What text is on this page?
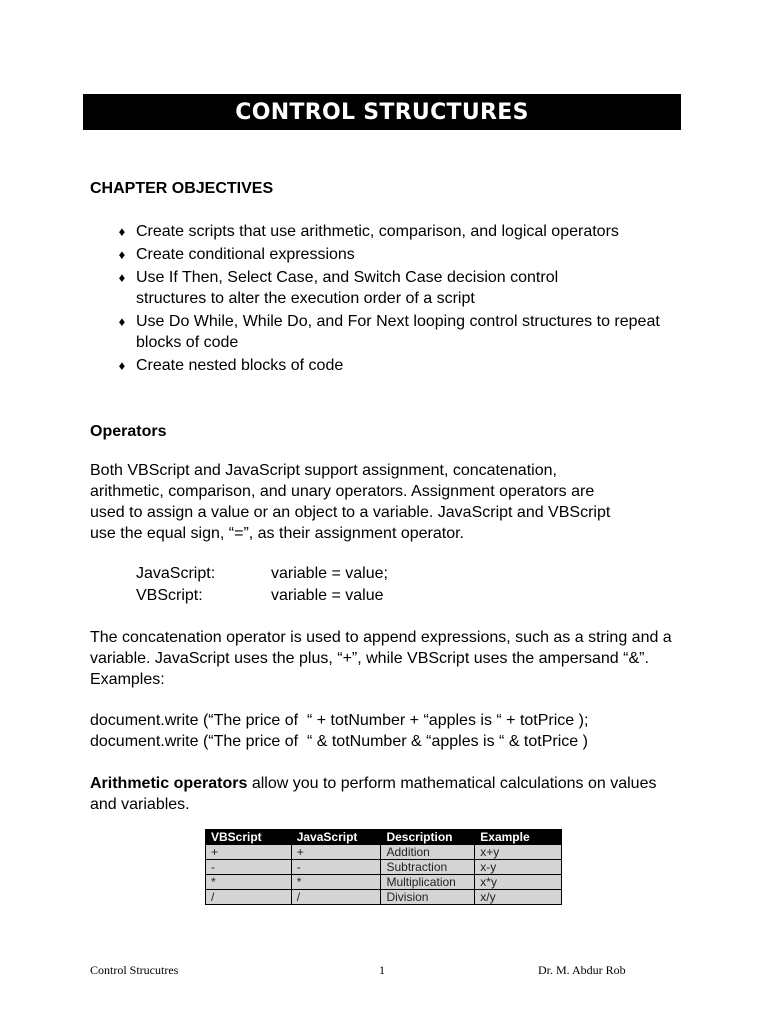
CONTROL STRUCTURES
CHAPTER OBJECTIVES
♦ Create scripts that use arithmetic, comparison, and logical operators
♦ Create conditional expressions
♦ Use If Then, Select Case, and Switch Case decision control structures to alter the execution order of a script
♦ Use Do While, While Do, and For Next looping control structures to repeat blocks of code
♦ Create nested blocks of code
Operators

Both VBScript and JavaScript support assignment, concatenation, arithmetic, comparison, and unary operators. Assignment operators are used to assign a value or an object to a variable. JavaScript and VBScript use the equal sign, “=”, as their assignment operator.

JavaScript:	variable = value;
VBScript:	variable = value

The concatenation operator is used to append expressions, such as a string and a variable. JavaScript uses the plus, “+”, while VBScript uses the ampersand “&”. Examples:

document.write (“The price of  “ + totNumber + “apples is “ + totPrice );
document.write (“The price of  “ & totNumber & “apples is “ & totPrice )

Arithmetic operators allow you to perform mathematical calculations on values and variables.

VBScript	JavaScript	Description	Example
+	+	Addition	x+y
-	-	Subtraction	x-y
*	*	Multiplication	x*y
/	/	Division	x/y
Control Strucutres	1	Dr. M. Abdur Rob
